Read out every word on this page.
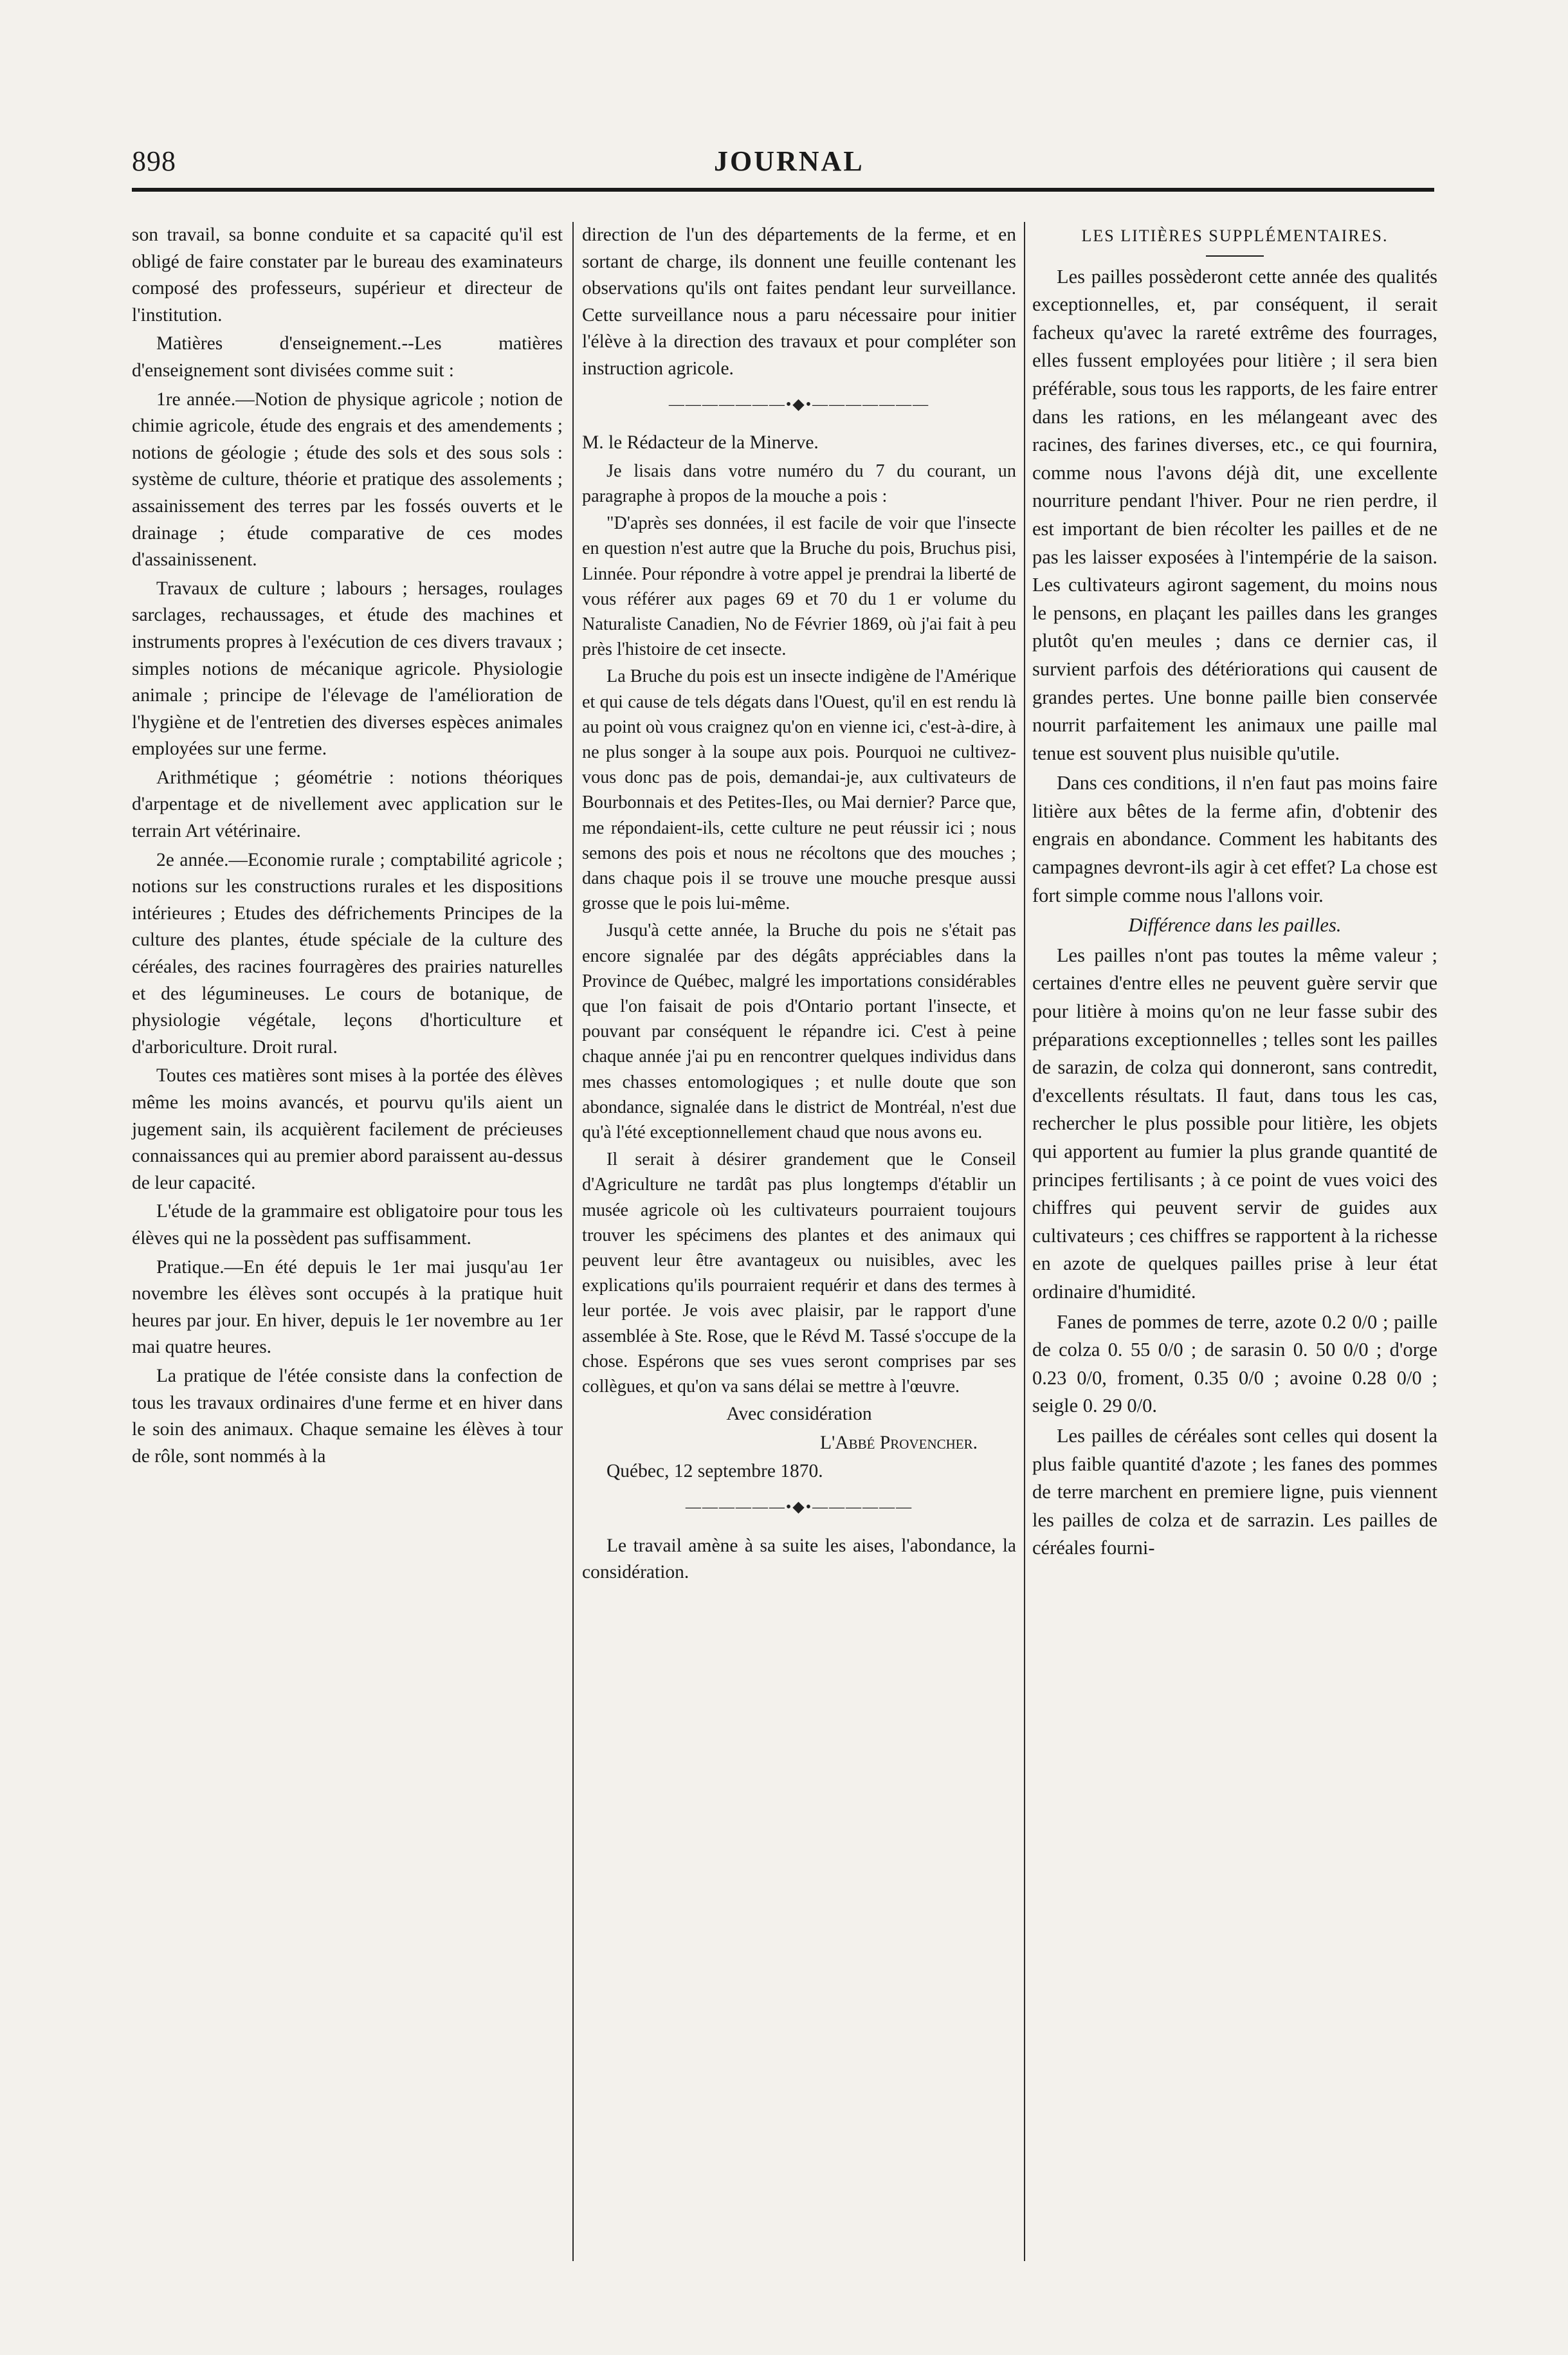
898	JOURNAL

son travail, sa bonne conduite et sa capacité qu'il est obligé de faire constater par le bureau des examinateurs composé des professeurs, supérieur et directeur de l'institution.

Matières d'enseignement.--Les matières d'enseignement sont divisées comme suit :

1re année.—Notion de physique agricole ; notion de chimie agricole, étude des engrais et des amendements ; notions de géologie ; étude des sols et des sous sols : système de culture, théorie et pratique des assolements ; assainissement des terres par les fossés ouverts et le drainage ; étude comparative de ces modes d'assainissenent.

Travaux de culture ; labours ; hersages, roulages sarclages, rechaussages, et étude des machines et instruments propres à l'exécution de ces divers travaux ; simples notions de mécanique agricole. Physiologie animale ; principe de l'élevage de l'amélioration de l'hygiène et de l'entretien des diverses espèces animales employées sur une ferme.

Arithmétique ; géométrie : notions théoriques d'arpentage et de nivellement avec application sur le terrain Art vétérinaire.

2e année.—Economie rurale ; comptabilité agricole ; notions sur les constructions rurales et les dispositions intérieures ; Etudes des défrichements Principes de la culture des plantes, étude spéciale de la culture des céréales, des racines fourragères des prairies naturelles et des légumineuses. Le cours de botanique, de physiologie végétale, leçons d'horticulture et d'arboriculture. Droit rural.

Toutes ces matières sont mises à la portée des élèves même les moins avancés, et pourvu qu'ils aient un jugement sain, ils acquièrent facilement de précieuses connaissances qui au premier abord paraissent au-dessus de leur capacité.

L'étude de la grammaire est obligatoire pour tous les élèves qui ne la possèdent pas suffisamment.

Pratique.—En été depuis le 1er mai jusqu'au 1er novembre les élèves sont occupés à la pratique huit heures par jour. En hiver, depuis le 1er novembre au 1er mai quatre heures.

La pratique de l'étée consiste dans la confection de tous les travaux ordinaires d'une ferme et en hiver dans le soin des animaux. Chaque semaine les élèves à tour de rôle, sont nommés à la

direction de l'un des départements de la ferme, et en sortant de charge, ils donnent une feuille contenant les observations qu'ils ont faites pendant leur surveillance. Cette surveillance nous a paru nécessaire pour initier l'élève à la direction des travaux et pour compléter son instruction agricole.

———————•◆•———————

M. le Rédacteur de la Minerve.

Je lisais dans votre numéro du 7 du courant, un paragraphe à propos de la mouche a pois :

"D'après ses données, il est facile de voir que l'insecte en question n'est autre que la Bruche du pois, Bruchus pisi, Linnée. Pour répondre à votre appel je prendrai la liberté de vous référer aux pages 69 et 70 du 1 er volume du Naturaliste Canadien, No de Février 1869, où j'ai fait à peu près l'histoire de cet insecte.

La Bruche du pois est un insecte indigène de l'Amérique et qui cause de tels dégats dans l'Ouest, qu'il en est rendu là au point où vous craignez qu'on en vienne ici, c'est-à-dire, à ne plus songer à la soupe aux pois. Pourquoi ne cultivez-vous donc pas de pois, demandai-je, aux cultivateurs de Bourbonnais et des Petites-Iles, ou Mai dernier? Parce que, me répondaient-ils, cette culture ne peut réussir ici ; nous semons des pois et nous ne récoltons que des mouches ; dans chaque pois il se trouve une mouche presque aussi grosse que le pois lui-même.

Jusqu'à cette année, la Bruche du pois ne s'était pas encore signalée par des dégâts appréciables dans la Province de Québec, malgré les importations considérables que l'on faisait de pois d'Ontario portant l'insecte, et pouvant par conséquent le répandre ici. C'est à peine chaque année j'ai pu en rencontrer quelques individus dans mes chasses entomologiques ; et nulle doute que son abondance, signalée dans le district de Montréal, n'est due qu'à l'été exceptionnellement chaud que nous avons eu.

Il serait à désirer grandement que le Conseil d'Agriculture ne tardât pas plus longtemps d'établir un musée agricole où les cultivateurs pourraient toujours trouver les spécimens des plantes et des animaux qui peuvent leur être avantageux ou nuisibles, avec les explications qu'ils pourraient requérir et dans des termes à leur portée. Je vois avec plaisir, par le rapport d'une assemblée à Ste. Rose, que le Révd M. Tassé s'occupe de la chose. Espérons que ses vues seront comprises par ses collègues, et qu'on va sans délai se mettre à l'œuvre.

Avec considération

L'Abbé Provencher.

Québec, 12 septembre 1870.

——————•◆•——————

Le travail amène à sa suite les aises, l'abondance, la considération.

LES LITIÈRES SUPPLÉMENTAIRES.

Les pailles possèderont cette année des qualités exceptionnelles, et, par conséquent, il serait facheux qu'avec la rareté extrême des fourrages, elles fussent employées pour litière ; il sera bien préférable, sous tous les rapports, de les faire entrer dans les rations, en les mélangeant avec des racines, des farines diverses, etc., ce qui fournira, comme nous l'avons déjà dit, une excellente nourriture pendant l'hiver. Pour ne rien perdre, il est important de bien récolter les pailles et de ne pas les laisser exposées à l'intempérie de la saison. Les cultivateurs agiront sagement, du moins nous le pensons, en plaçant les pailles dans les granges plutôt qu'en meules ; dans ce dernier cas, il survient parfois des détériorations qui causent de grandes pertes. Une bonne paille bien conservée nourrit parfaitement les animaux une paille mal tenue est souvent plus nuisible qu'utile.

Dans ces conditions, il n'en faut pas moins faire litière aux bêtes de la ferme afin, d'obtenir des engrais en abondance. Comment les habitants des campagnes devront-ils agir à cet effet? La chose est fort simple comme nous l'allons voir.

Différence dans les pailles.

Les pailles n'ont pas toutes la même valeur ; certaines d'entre elles ne peuvent guère servir que pour litière à moins qu'on ne leur fasse subir des préparations exceptionnelles ; telles sont les pailles de sarazin, de colza qui donneront, sans contredit, d'excellents résultats. Il faut, dans tous les cas, rechercher le plus possible pour litière, les objets qui apportent au fumier la plus grande quantité de principes fertilisants ; à ce point de vues voici des chiffres qui peuvent servir de guides aux cultivateurs ; ces chiffres se rapportent à la richesse en azote de quelques pailles prise à leur état ordinaire d'humidité.

Fanes de pommes de terre, azote 0.2 0/0 ; paille de colza 0. 55 0/0 ; de sarasin 0. 50 0/0 ; d'orge 0.23 0/0, froment, 0.35 0/0 ; avoine 0.28 0/0 ; seigle 0. 29 0/0.

Les pailles de céréales sont celles qui dosent la plus faible quantité d'azote ; les fanes des pommes de terre marchent en premiere ligne, puis viennent les pailles de colza et de sarrazin. Les pailles de céréales fourni-
